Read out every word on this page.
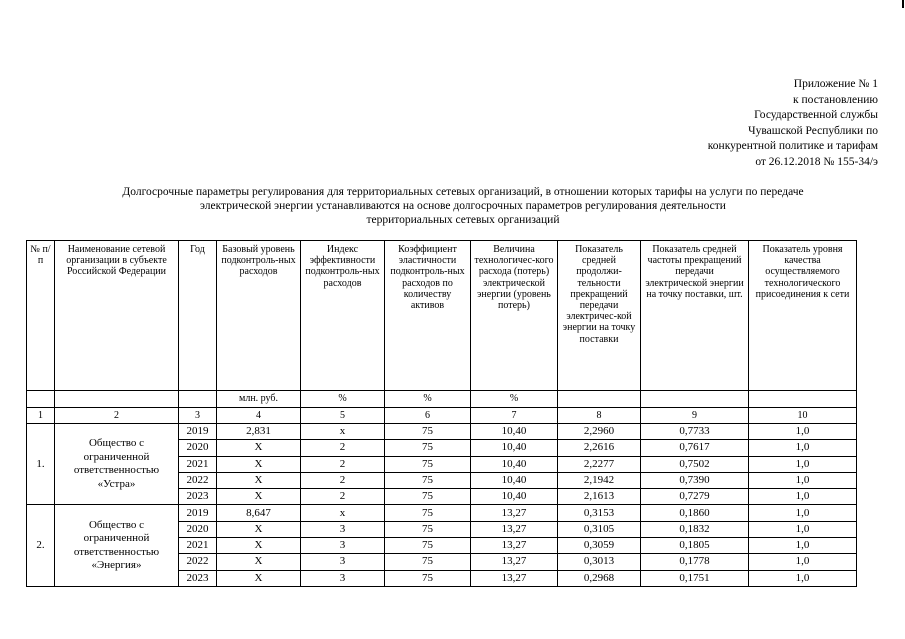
Приложение № 1
к постановлению
Государственной службы
Чувашской Республики по
конкурентной политике и тарифам
от 26.12.2018 № 155-34/э
Долгосрочные параметры регулирования для территориальных сетевых организаций, в отношении которых тарифы на услуги по передаче
электрической энергии устанавливаются на основе долгосрочных параметров регулирования деятельности
территориальных сетевых организаций
№ п/п	Наименование сетевой организации в субъекте Российской Федерации	Год	Базовый уровень подконтроль-ных расходов	Индекс эффективности подконтроль-ных расходов	Коэффициент эластичности подконтроль-ных расходов по количеству активов	Величина технологичес-кого расхода (потерь) электрической энергии (уровень потерь)	Показатель средней продолжи-тельности прекращений передачи электричес-кой энергии на точку поставки	Показатель средней частоты прекращений передачи электрической энергии на точку поставки, шт.	Показатель уровня качества осуществляемого технологического присоединения к сети
			млн. руб.	%	%	%			
1	2	3	4	5	6	7	8	9	10
1.	Общество с ограниченной ответственностью «Устра»	2019	2,831	х	75	10,40	2,2960	0,7733	1,0
		2020	Х	2	75	10,40	2,2616	0,7617	1,0
		2021	Х	2	75	10,40	2,2277	0,7502	1,0
		2022	Х	2	75	10,40	2,1942	0,7390	1,0
		2023	Х	2	75	10,40	2,1613	0,7279	1,0
2.	Общество с ограниченной ответственностью «Энергия»	2019	8,647	х	75	13,27	0,3153	0,1860	1,0
		2020	Х	3	75	13,27	0,3105	0,1832	1,0
		2021	Х	3	75	13,27	0,3059	0,1805	1,0
		2022	Х	3	75	13,27	0,3013	0,1778	1,0
		2023	Х	3	75	13,27	0,2968	0,1751	1,0
